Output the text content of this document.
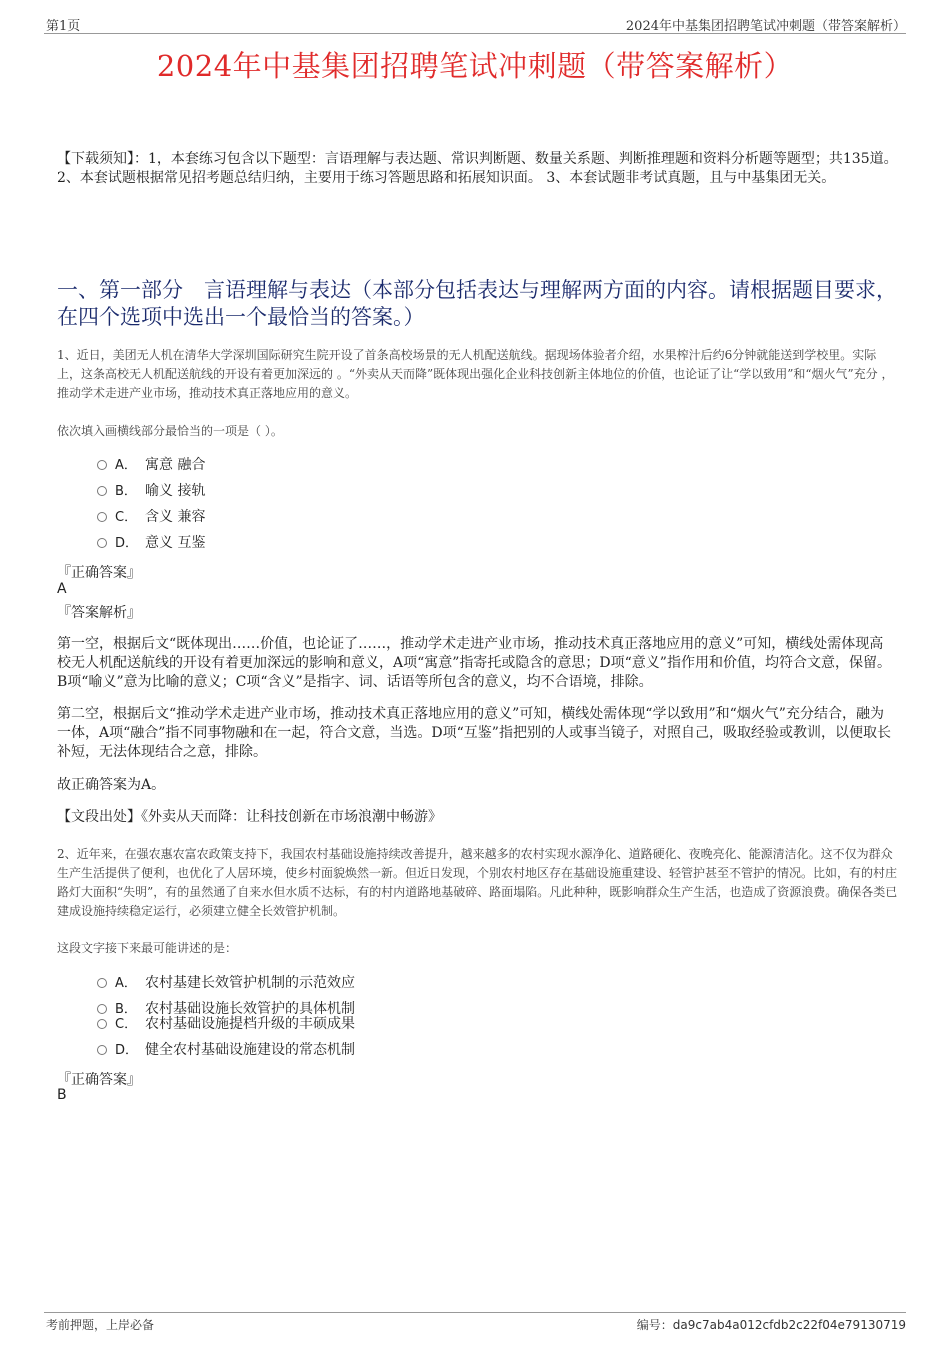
第1页	2024年中基集团招聘笔试冲刺题（带答案解析）
2024年中基集团招聘笔试冲刺题（带答案解析）
【下载须知】：1，本套练习包含以下题型：言语理解与表达题、常识判断题、数量关系题、判断推理题和资料分析题等题型；共135道。 2、本套试题根据常见招考题总结归纳，主要用于练习答题思路和拓展知识面。 3、本套试题非考试真题，且与中基集团无关。
一、第一部分　言语理解与表达（本部分包括表达与理解两方面的内容。请根据题目要求，在四个选项中选出一个最恰当的答案。）
1、近日，美团无人机在清华大学深圳国际研究生院开设了首条高校场景的无人机配送航线。据现场体验者介绍，水果榨汁后约6分钟就能送到学校里。实际上，这条高校无人机配送航线的开设有着更加深远的 。“外卖从天而降”既体现出强化企业科技创新主体地位的价值，也论证了让“学以致用”和“烟火气”充分 ，推动学术走进产业市场，推动技术真正落地应用的意义。
依次填入画横线部分最恰当的一项是（ ）。
A． 寓意 融合
B． 喻义 接轨
C． 含义 兼容
D． 意义 互鉴
『正确答案』
A
『答案解析』
第一空，根据后文“既体现出……价值，也论证了……，推动学术走进产业市场，推动技术真正落地应用的意义”可知，横线处需体现高校无人机配送航线的开设有着更加深远的影响和意义，A项“寓意”指寄托或隐含的意思；D项“意义”指作用和价值，均符合文意，保留。B项“喻义”意为比喻的意义；C项“含义”是指字、词、话语等所包含的意义，均不合语境，排除。
第二空，根据后文“推动学术走进产业市场，推动技术真正落地应用的意义”可知，横线处需体现“学以致用”和“烟火气”充分结合，融为一体，A项“融合”指不同事物融和在一起，符合文意，当选。D项“互鉴”指把别的人或事当镜子，对照自己，吸取经验或教训，以便取长补短，无法体现结合之意，排除。
故正确答案为A。
【文段出处】《外卖从天而降：让科技创新在市场浪潮中畅游》
2、近年来，在强农惠农富农政策支持下，我国农村基础设施持续改善提升，越来越多的农村实现水源净化、道路硬化、夜晚亮化、能源清洁化。这不仅为群众生产生活提供了便利，也优化了人居环境，使乡村面貌焕然一新。但近日发现，个别农村地区存在基础设施重建设、轻管护甚至不管护的情况。比如，有的村庄路灯大面积“失明”，有的虽然通了自来水但水质不达标，有的村内道路地基破碎、路面塌陷。凡此种种，既影响群众生产生活，也造成了资源浪费。确保各类已建成设施持续稳定运行，必须建立健全长效管护机制。
这段文字接下来最可能讲述的是：
A． 农村基建长效管护机制的示范效应
B． 农村基础设施长效管护的具体机制
C． 农村基础设施提档升级的丰硕成果
D． 健全农村基础设施建设的常态机制
『正确答案』
B
考前押题，上岸必备	编号：da9c7ab4a012cfdb2c22f04e79130719
